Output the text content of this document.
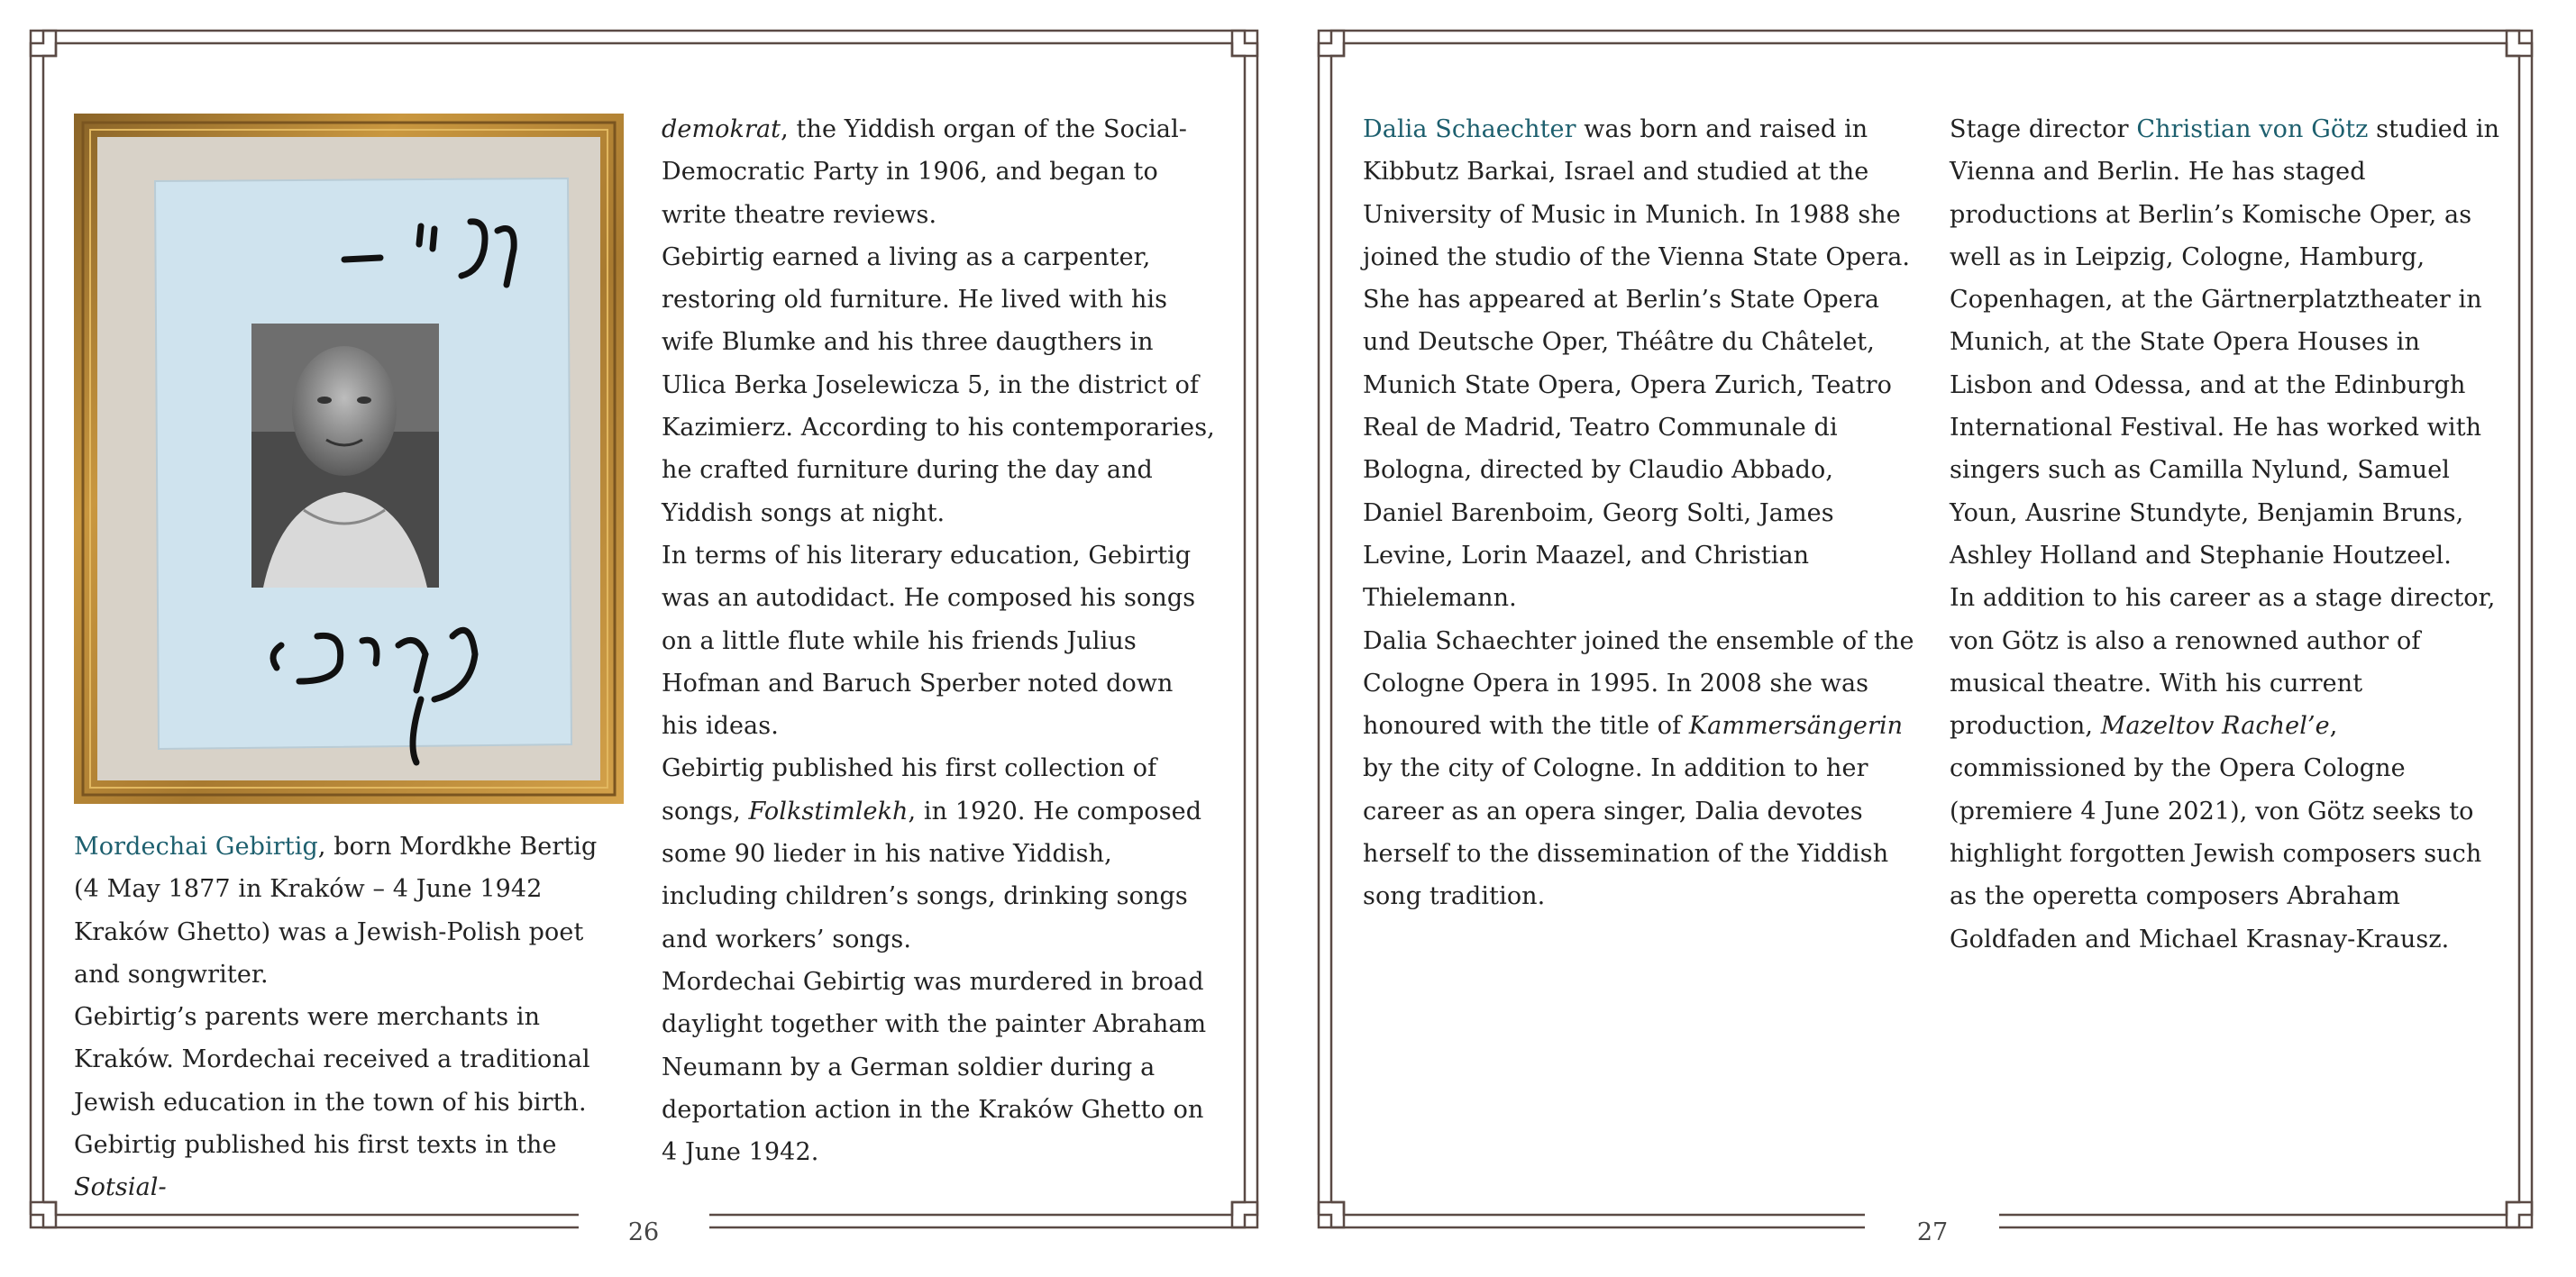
Mordechai Gebirtig, born Mordkhe Bertig (4 May 1877 in Kraków – 4 June 1942 Kraków Ghetto) was a Jewish-Polish poet and songwriter.

Gebirtig’s parents were merchants in Kraków. Mordechai received a traditional Jewish education in the town of his birth. Gebirtig published his first texts in the Sotsial-

demokrat, the Yiddish organ of the Social-Democratic Party in 1906, and began to write theatre reviews.

Gebirtig earned a living as a carpenter, restoring old furniture. He lived with his wife Blumke and his three daugthers in Ulica Berka Joselewicza 5, in the district of Kazimierz. According to his contemporaries, he crafted furniture during the day and Yiddish songs at night.

In terms of his literary education, Gebirtig was an autodidact. He composed his songs on a little flute while his friends Julius Hofman and Baruch Sperber noted down his ideas.

Gebirtig published his first collection of songs, Folkstimlekh, in 1920. He composed some 90 lieder in his native Yiddish, including children’s songs, drinking songs and workers’ songs.

Mordechai Gebirtig was murdered in broad daylight together with the painter Abraham Neumann by a German soldier during a deportation action in the Kraków Ghetto on 4 June 1942.

26

Dalia Schaechter was born and raised in Kibbutz Barkai, Israel and studied at the University of Music in Munich. In 1988 she joined the studio of the Vienna State Opera. She has appeared at Berlin’s State Opera und Deutsche Oper, Théâtre du Châtelet, Munich State Opera, Opera Zurich, Teatro Real de Madrid, Teatro Communale di Bologna, directed by Claudio Abbado, Daniel Barenboim, Georg Solti, James Levine, Lorin Maazel, and Christian Thielemann.

Dalia Schaechter joined the ensemble of the Cologne Opera in 1995. In 2008 she was honoured with the title of Kammersängerin by the city of Cologne. In addition to her career as an opera singer, Dalia devotes herself to the dissemination of the Yiddish song tradition.

Stage director Christian von Götz studied in Vienna and Berlin. He has staged productions at Berlin’s Komische Oper, as well as in Leipzig, Cologne, Hamburg, Copenhagen, at the Gärtnerplatztheater in Munich, at the State Opera Houses in Lisbon and Odessa, and at the Edinburgh International Festival. He has worked with singers such as Camilla Nylund, Samuel Youn, Ausrine Stundyte, Benjamin Bruns, Ashley Holland and Stephanie Houtzeel.

In addition to his career as a stage director, von Götz is also a renowned author of musical theatre. With his current production, Mazeltov Rachel’e, commissioned by the Opera Cologne (premiere 4 June 2021), von Götz seeks to highlight forgotten Jewish composers such as the operetta composers Abraham Goldfaden and Michael Krasnay-Krausz.

27
